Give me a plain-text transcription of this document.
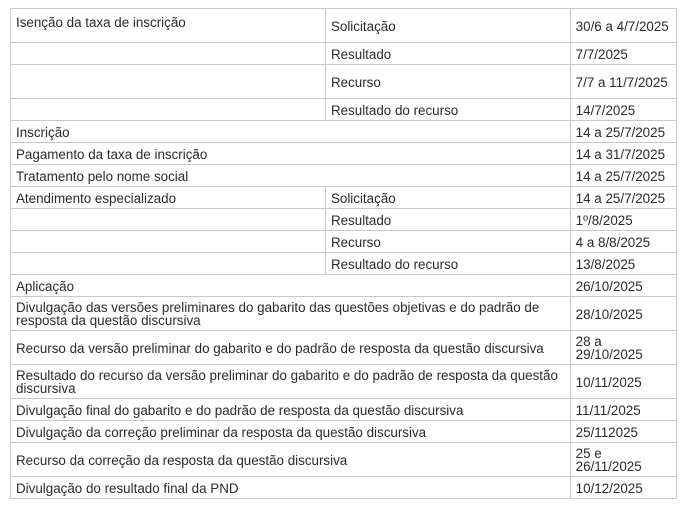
Isenção da taxa de inscrição	Solicitação	30/6 a 4/7/2025
	Resultado	7/7/2025
	Recurso	7/7 a 11/7/2025
	Resultado do recurso	14/7/2025
Inscrição		14 a 25/7/2025
Pagamento da taxa de inscrição		14 a 31/7/2025
Tratamento pelo nome social		14 a 25/7/2025
Atendimento especializado	Solicitação	14 a 25/7/2025
	Resultado	1º/8/2025
	Recurso	4 a 8/8/2025
	Resultado do recurso	13/8/2025
Aplicação		26/10/2025
Divulgação das versões preliminares do gabarito das questões objetivas e do padrão de resposta da questão discursiva		28/10/2025
Recurso da versão preliminar do gabarito e do padrão de resposta da questão discursiva		28 a 29/10/2025
Resultado do recurso da versão preliminar do gabarito e do padrão de resposta da questão discursiva		10/11/2025
Divulgação final do gabarito e do padrão de resposta da questão discursiva		11/11/2025
Divulgação da correção preliminar da resposta da questão discursiva		25/112025
Recurso da correção da resposta da questão discursiva		25 e 26/11/2025
Divulgação do resultado final da PND		10/12/2025
